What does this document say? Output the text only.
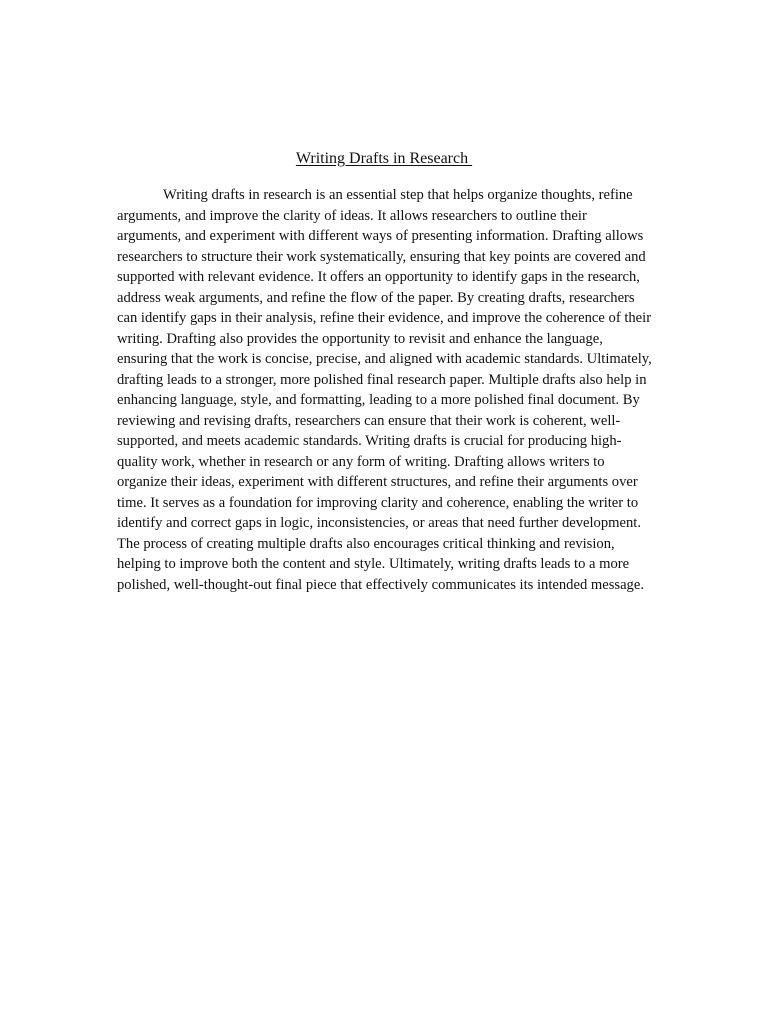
Writing Drafts in Research

Writing drafts in research is an essential step that helps organize thoughts, refine arguments, and improve the clarity of ideas. It allows researchers to outline their arguments, and experiment with different ways of presenting information. Drafting allows researchers to structure their work systematically, ensuring that key points are covered and supported with relevant evidence. It offers an opportunity to identify gaps in the research, address weak arguments, and refine the flow of the paper. By creating drafts, researchers can identify gaps in their analysis, refine their evidence, and improve the coherence of their writing. Drafting also provides the opportunity to revisit and enhance the language, ensuring that the work is concise, precise, and aligned with academic standards. Ultimately, drafting leads to a stronger, more polished final research paper. Multiple drafts also help in enhancing language, style, and formatting, leading to a more polished final document. By reviewing and revising drafts, researchers can ensure that their work is coherent, well-supported, and meets academic standards. Writing drafts is crucial for producing high-quality work, whether in research or any form of writing. Drafting allows writers to organize their ideas, experiment with different structures, and refine their arguments over time. It serves as a foundation for improving clarity and coherence, enabling the writer to identify and correct gaps in logic, inconsistencies, or areas that need further development. The process of creating multiple drafts also encourages critical thinking and revision, helping to improve both the content and style. Ultimately, writing drafts leads to a more polished, well-thought-out final piece that effectively communicates its intended message.
